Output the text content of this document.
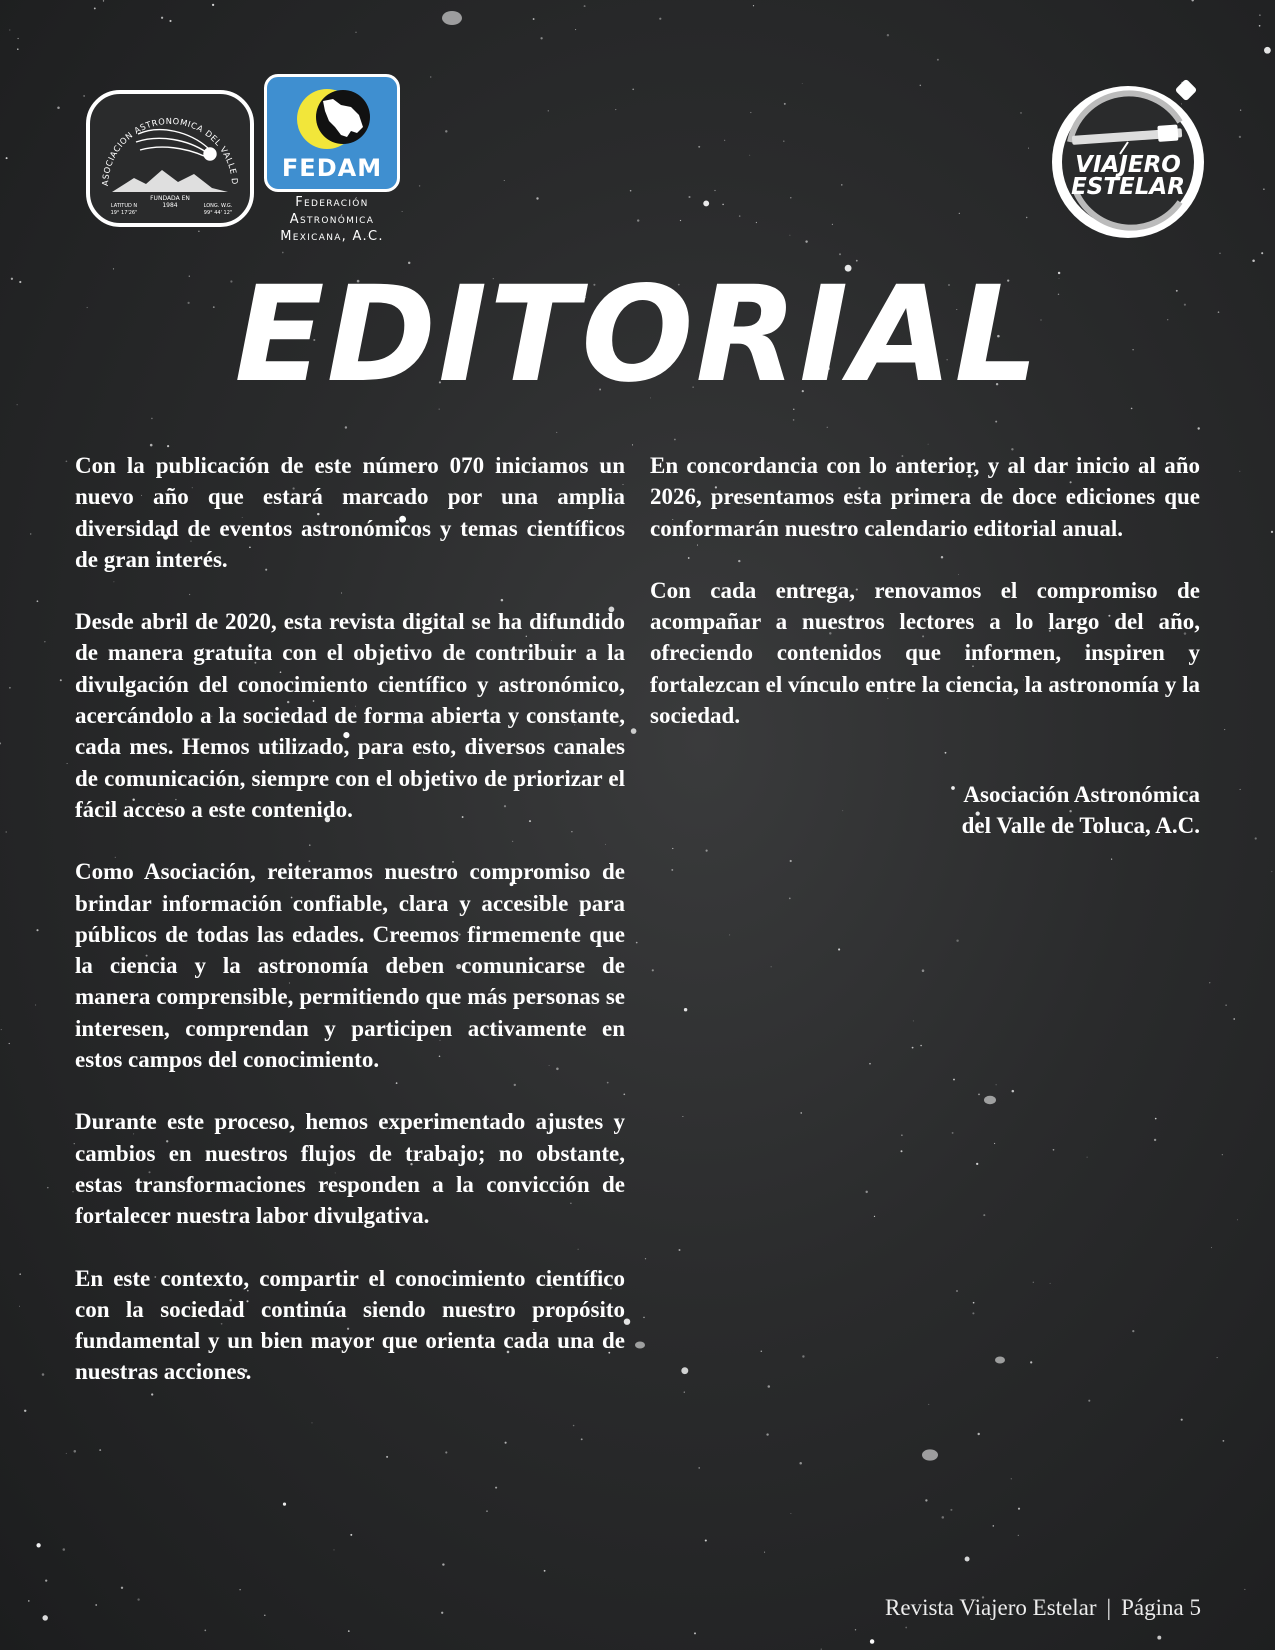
ASOCIACION ASTRONOMICA DEL VALLE D
FUNDADA EN
1984
LATITUD N
19° 17'26"
LONG. W.G.
99° 44' 12"
FEDAM
Federación
Astronómica
Mexicana, A.C.
VIAJERO
ESTELAR
EDITORIAL

Con la publicación de este número 070 iniciamos un nuevo año que estará marcado por una amplia diversidad de eventos astronómicos y temas científicos de gran interés.

Desde abril de 2020, esta revista digital se ha difundido de manera gratuita con el objetivo de contribuir a la divulgación del conocimiento científico y astronómico, acercándolo a la sociedad de forma abierta y constante, cada mes. Hemos utilizado, para esto, diversos canales de comunicación, siempre con el objetivo de priorizar el fácil acceso a este contenido.

Como Asociación, reiteramos nuestro compromiso de brindar información confiable, clara y accesible para públicos de todas las edades. Creemos firmemente que la ciencia y la astronomía deben comunicarse de manera comprensible, permitiendo que más personas se interesen, comprendan y participen activamente en estos campos del conocimiento.

Durante este proceso, hemos experimentado ajustes y cambios en nuestros flujos de trabajo; no obstante, estas transformaciones responden a la convicción de fortalecer nuestra labor divulgativa.

En este contexto, compartir el conocimiento científico con la sociedad continúa siendo nuestro propósito fundamental y un bien mayor que orienta cada una de nuestras acciones.

En concordancia con lo anterior, y al dar inicio al año 2026, presentamos esta primera de doce ediciones que conformarán nuestro calendario editorial anual.

Con cada entrega, renovamos el compromiso de acompañar a nuestros lectores a lo largo del año, ofreciendo contenidos que informen, inspiren y fortalezcan el vínculo entre la ciencia, la astronomía y la sociedad.

Asociación Astronómica
del Valle de Toluca, A.C.
Revista Viajero Estelar | Página 5
